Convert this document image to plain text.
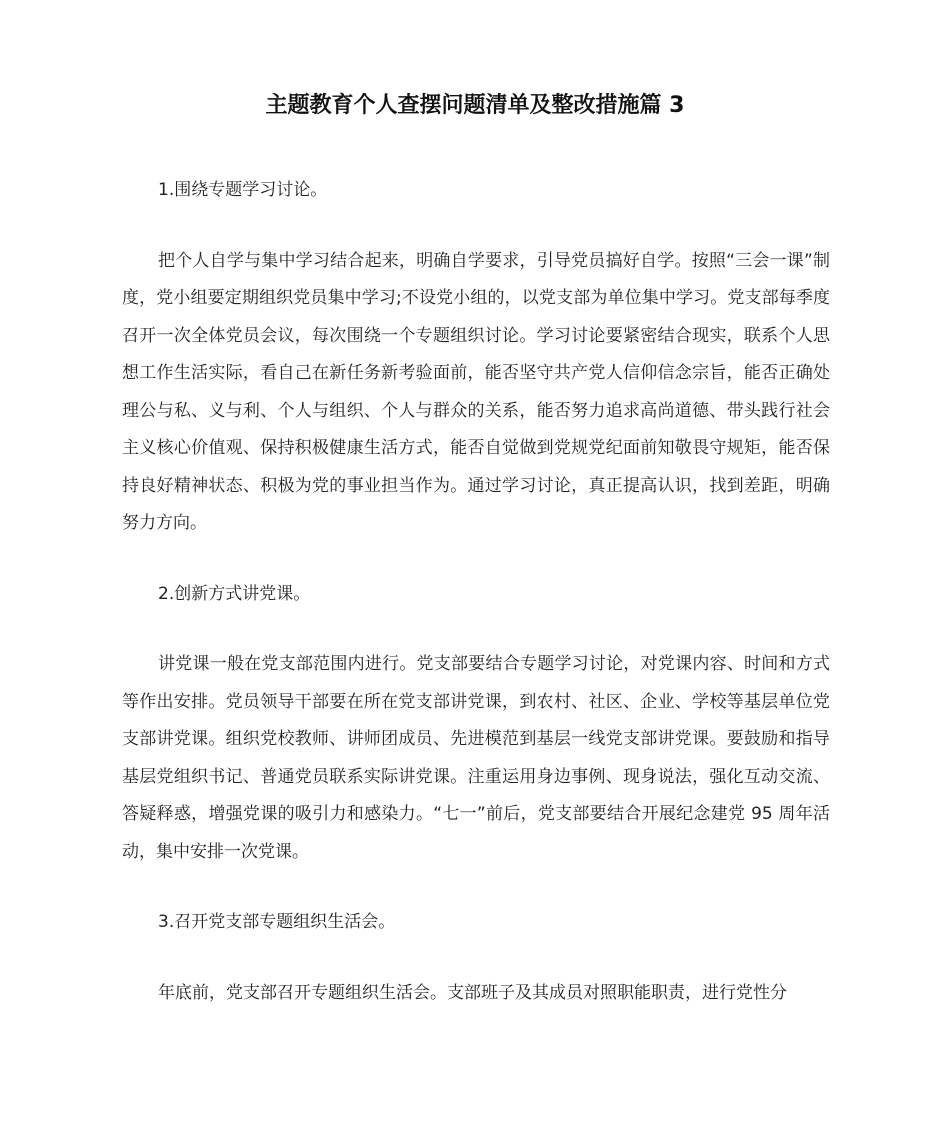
主题教育个人查摆问题清单及整改措施篇 3

1.围绕专题学习讨论。

把个人自学与集中学习结合起来，明确自学要求，引导党员搞好自学。按照“三会一课”制度，党小组要定期组织党员集中学习;不设党小组的，以党支部为单位集中学习。党支部每季度召开一次全体党员会议，每次围绕一个专题组织讨论。学习讨论要紧密结合现实，联系个人思想工作生活实际，看自己在新任务新考验面前，能否坚守共产党人信仰信念宗旨，能否正确处理公与私、义与利、个人与组织、个人与群众的关系，能否努力追求高尚道德、带头践行社会主义核心价值观、保持积极健康生活方式，能否自觉做到党规党纪面前知敬畏守规矩，能否保持良好精神状态、积极为党的事业担当作为。通过学习讨论，真正提高认识，找到差距，明确努力方向。

2.创新方式讲党课。

讲党课一般在党支部范围内进行。党支部要结合专题学习讨论，对党课内容、时间和方式等作出安排。党员领导干部要在所在党支部讲党课，到农村、社区、企业、学校等基层单位党支部讲党课。组织党校教师、讲师团成员、先进模范到基层一线党支部讲党课。要鼓励和指导基层党组织书记、普通党员联系实际讲党课。注重运用身边事例、现身说法，强化互动交流、答疑释惑，增强党课的吸引力和感染力。“七一”前后，党支部要结合开展纪念建党 95 周年活动，集中安排一次党课。

3.召开党支部专题组织生活会。

年底前，党支部召开专题组织生活会。支部班子及其成员对照职能职责，进行党性分
